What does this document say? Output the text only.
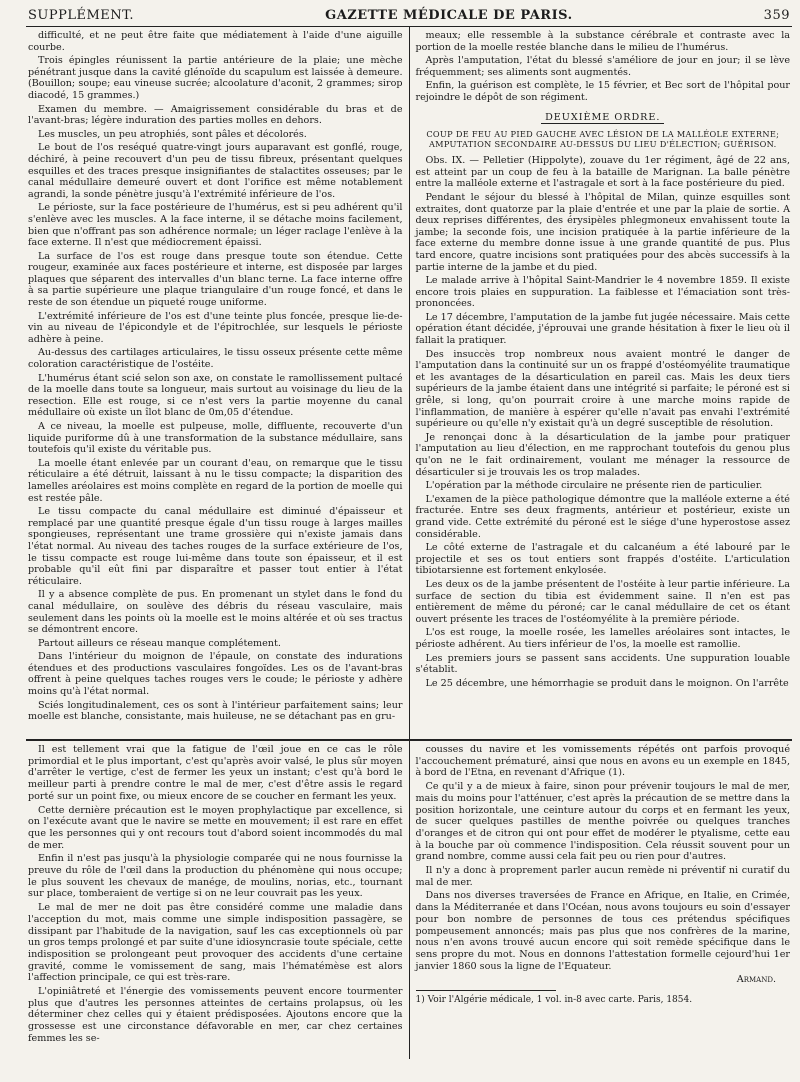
SUPPLÉMENT.	GAZETTE MÉDICALE DE PARIS.	359

difficulté, et ne peut être faite que médiatement à l'aide d'une aiguille courbe.

Trois épingles réunissent la partie antérieure de la plaie; une mèche pénétrant jusque dans la cavité glénoïde du scapulum est laissée à demeure. (Bouillon; soupe; eau vineuse sucrée; alcoolature d'aconit, 2 grammes; sirop diacodé, 15 grammes.)

Examen du membre. — Amaigrissement considérable du bras et de l'avant-bras; légère induration des parties molles en dehors.

Les muscles, un peu atrophiés, sont pâles et décolorés.

Le bout de l'os reséqué quatre-vingt jours auparavant est gonflé, rouge, déchiré, à peine recouvert d'un peu de tissu fibreux, présentant quelques esquilles et des traces presque insignifiantes de stalactites osseuses; par le canal médullaire demeuré ouvert et dont l'orifice est même notablement agrandi, la sonde pénètre jusqu'à l'extrémité inférieure de l'os.

Le périoste, sur la face postérieure de l'humérus, est si peu adhérent qu'il s'enlève avec les muscles. A la face interne, il se détache moins facilement, bien que n'offrant pas son adhérence normale; un léger raclage l'enlève à la face externe. Il n'est que médiocrement épaissi.

La surface de l'os est rouge dans presque toute son étendue. Cette rougeur, examinée aux faces postérieure et interne, est disposée par larges plaques que séparent des intervalles d'un blanc terne. La face interne offre à sa partie supérieure une plaque triangulaire d'un rouge foncé, et dans le reste de son étendue un piqueté rouge uniforme.

L'extrémité inférieure de l'os est d'une teinte plus foncée, presque lie-de-vin au niveau de l'épicondyle et de l'épitrochlée, sur lesquels le périoste adhère à peine.

Au-dessus des cartilages articulaires, le tissu osseux présente cette même coloration caractéristique de l'ostéite.

L'humérus étant scié selon son axe, on constate le ramollissement pultacé de la moelle dans toute sa longueur, mais surtout au voisinage du lieu de la resection. Elle est rouge, si ce n'est vers la partie moyenne du canal médullaire où existe un îlot blanc de 0m,05 d'étendue.

A ce niveau, la moelle est pulpeuse, molle, diffluente, recouverte d'un liquide puriforme dû à une transformation de la substance médullaire, sans toutefois qu'il existe du véritable pus.

La moelle étant enlevée par un courant d'eau, on remarque que le tissu réticulaire a été détruit, laissant à nu le tissu compacte; la disparition des lamelles aréolaires est moins complète en regard de la portion de moelle qui est restée pâle.

Le tissu compacte du canal médullaire est diminué d'épaisseur et remplacé par une quantité presque égale d'un tissu rouge à larges mailles spongieuses, représentant une trame grossière qui n'existe jamais dans l'état normal. Au niveau des taches rouges de la surface extérieure de l'os, le tissu compacte est rouge lui-même dans toute son épaisseur, et il est probable qu'il eût fini par disparaître et passer tout entier à l'état réticulaire.

Il y a absence complète de pus. En promenant un stylet dans le fond du canal médullaire, on soulève des débris du réseau vasculaire, mais seulement dans les points où la moelle est le moins altérée et où ses tractus se démontrent encore.

Partout ailleurs ce réseau manque complétement.

Dans l'intérieur du moignon de l'épaule, on constate des indurations étendues et des productions vasculaires fongoïdes. Les os de l'avant-bras offrent à peine quelques taches rouges vers le coude; le périoste y adhère moins qu'à l'état normal.

Sciés longitudinalement, ces os sont à l'intérieur parfaitement sains; leur moelle est blanche, consistante, mais huileuse, ne se détachant pas en gru-

meaux; elle ressemble à la substance cérébrale et contraste avec la portion de la moelle restée blanche dans le milieu de l'humérus.

Après l'amputation, l'état du blessé s'améliore de jour en jour; il se lève fréquemment; ses aliments sont augmentés.

Enfin, la guérison est complète, le 15 février, et Bec sort de l'hôpital pour rejoindre le dépôt de son régiment.

DEUXIÈME ORDRE.
COUP DE FEU AU PIED GAUCHE AVEC LÉSION DE LA MALLÉOLE EXTERNE; AMPUTATION SECONDAIRE AU-DESSUS DU LIEU D'ÉLECTION; GUÉRISON.

Obs. IX. — Pelletier (Hippolyte), zouave du 1er régiment, âgé de 22 ans, est atteint par un coup de feu à la bataille de Marignan. La balle pénètre entre la malléole externe et l'astragale et sort à la face postérieure du pied.

Pendant le séjour du blessé à l'hôpital de Milan, quinze esquilles sont extraites, dont quatorze par la plaie d'entrée et une par la plaie de sortie. A deux reprises différentes, des érysipèles phlegmoneux envahissent toute la jambe; la seconde fois, une incision pratiquée à la partie inférieure de la face externe du membre donne issue à une grande quantité de pus. Plus tard encore, quatre incisions sont pratiquées pour des abcès successifs à la partie interne de la jambe et du pied.

Le malade arrive à l'hôpital Saint-Mandrier le 4 novembre 1859. Il existe encore trois plaies en suppuration. La faiblesse et l'émaciation sont très-prononcées.

Le 17 décembre, l'amputation de la jambe fut jugée nécessaire. Mais cette opération étant décidée, j'éprouvai une grande hésitation à fixer le lieu où il fallait la pratiquer.

Des insuccès trop nombreux nous avaient montré le danger de l'amputation dans la continuité sur un os frappé d'ostéomyélite traumatique et les avantages de la désarticulation en pareil cas. Mais les deux tiers supérieurs de la jambe étaient dans une intégrité si parfaite; le péroné est si grêle, si long, qu'on pourrait croire à une marche moins rapide de l'inflammation, de manière à espérer qu'elle n'avait pas envahi l'extrémité supérieure ou qu'elle n'y existait qu'à un degré susceptible de résolution.

Je renonçai donc à la désarticulation de la jambe pour pratiquer l'amputation au lieu d'élection, en me rapprochant toutefois du genou plus qu'on ne le fait ordinairement, voulant me ménager la ressource de désarticuler si je trouvais les os trop malades.

L'opération par la méthode circulaire ne présente rien de particulier.

L'examen de la pièce pathologique démontre que la malléole externe a été fracturée. Entre ses deux fragments, antérieur et postérieur, existe un grand vide. Cette extrémité du péroné est le siége d'une hyperostose assez considérable.

Le côté externe de l'astragale et du calcanéum a été labouré par le projectile et ses os tout entiers sont frappés d'ostéite. L'articulation tibiotarsienne est fortement enkylosée.

Les deux os de la jambe présentent de l'ostéite à leur partie inférieure. La surface de section du tibia est évidemment saine. Il n'en est pas entièrement de même du péroné; car le canal médullaire de cet os étant ouvert présente les traces de l'ostéomyélite à la première période.

L'os est rouge, la moelle rosée, les lamelles aréolaires sont intactes, le périoste adhérent. Au tiers inférieur de l'os, la moelle est ramollie.

Les premiers jours se passent sans accidents. Une suppuration louable s'établit.

Le 25 décembre, une hémorrhagie se produit dans le moignon. On l'arrête

Il est tellement vrai que la fatigue de l'œil joue en ce cas le rôle primordial et le plus important, c'est qu'après avoir valsé, le plus sûr moyen d'arrêter le vertige, c'est de fermer les yeux un instant; c'est qu'à bord le meilleur parti à prendre contre le mal de mer, c'est d'être assis le regard porté sur un point fixe, ou mieux encore de se coucher en fermant les yeux.

Cette dernière précaution est le moyen prophylactique par excellence, si on l'exécute avant que le navire se mette en mouvement; il est rare en effet que les personnes qui y ont recours tout d'abord soient incommodés du mal de mer.

Enfin il n'est pas jusqu'à la physiologie comparée qui ne nous fournisse la preuve du rôle de l'œil dans la production du phénomène qui nous occupe; le plus souvent les chevaux de manége, de moulins, norias, etc., tournant sur place, tomberaient de vertige si on ne leur couvrait pas les yeux.

Le mal de mer ne doit pas être considéré comme une maladie dans l'acception du mot, mais comme une simple indisposition passagère, se dissipant par l'habitude de la navigation, sauf les cas exceptionnels où par un gros temps prolongé et par suite d'une idiosyncrasie toute spéciale, cette indisposition se prolongeant peut provoquer des accidents d'une certaine gravité, comme le vomissement de sang, mais l'hématémèse est alors l'affection principale, ce qui est très-rare.

L'opiniâtreté et l'énergie des vomissements peuvent encore tourmenter plus que d'autres les personnes atteintes de certains prolapsus, où les déterminer chez celles qui y étaient prédisposées. Ajoutons encore que la grossesse est une circonstance défavorable en mer, car chez certaines femmes les se-

cousses du navire et les vomissements répétés ont parfois provoqué l'accouchement prématuré, ainsi que nous en avons eu un exemple en 1845, à bord de l'Etna, en revenant d'Afrique (1).

Ce qu'il y a de mieux à faire, sinon pour prévenir toujours le mal de mer, mais du moins pour l'atténuer, c'est après la précaution de se mettre dans la position horizontale, une ceinture autour du corps et en fermant les yeux, de sucer quelques pastilles de menthe poivrée ou quelques tranches d'oranges et de citron qui ont pour effet de modérer le ptyalisme, cette eau à la bouche par où commence l'indisposition. Cela réussit souvent pour un grand nombre, comme aussi cela fait peu ou rien pour d'autres.

Il n'y a donc à proprement parler aucun remède ni préventif ni curatif du mal de mer.

Dans nos diverses traversées de France en Afrique, en Italie, en Crimée, dans la Méditerranée et dans l'Océan, nous avons toujours eu soin d'essayer pour bon nombre de personnes de tous ces prétendus spécifiques pompeusement annoncés; mais pas plus que nos confrères de la marine, nous n'en avons trouvé aucun encore qui soit remède spécifique dans le sens propre du mot. Nous en donnons l'attestation formelle cejourd'hui 1er janvier 1860 sous la ligne de l'Equateur.

Armand.
1) Voir l'Algérie médicale, 1 vol. in-8 avec carte. Paris, 1854.
